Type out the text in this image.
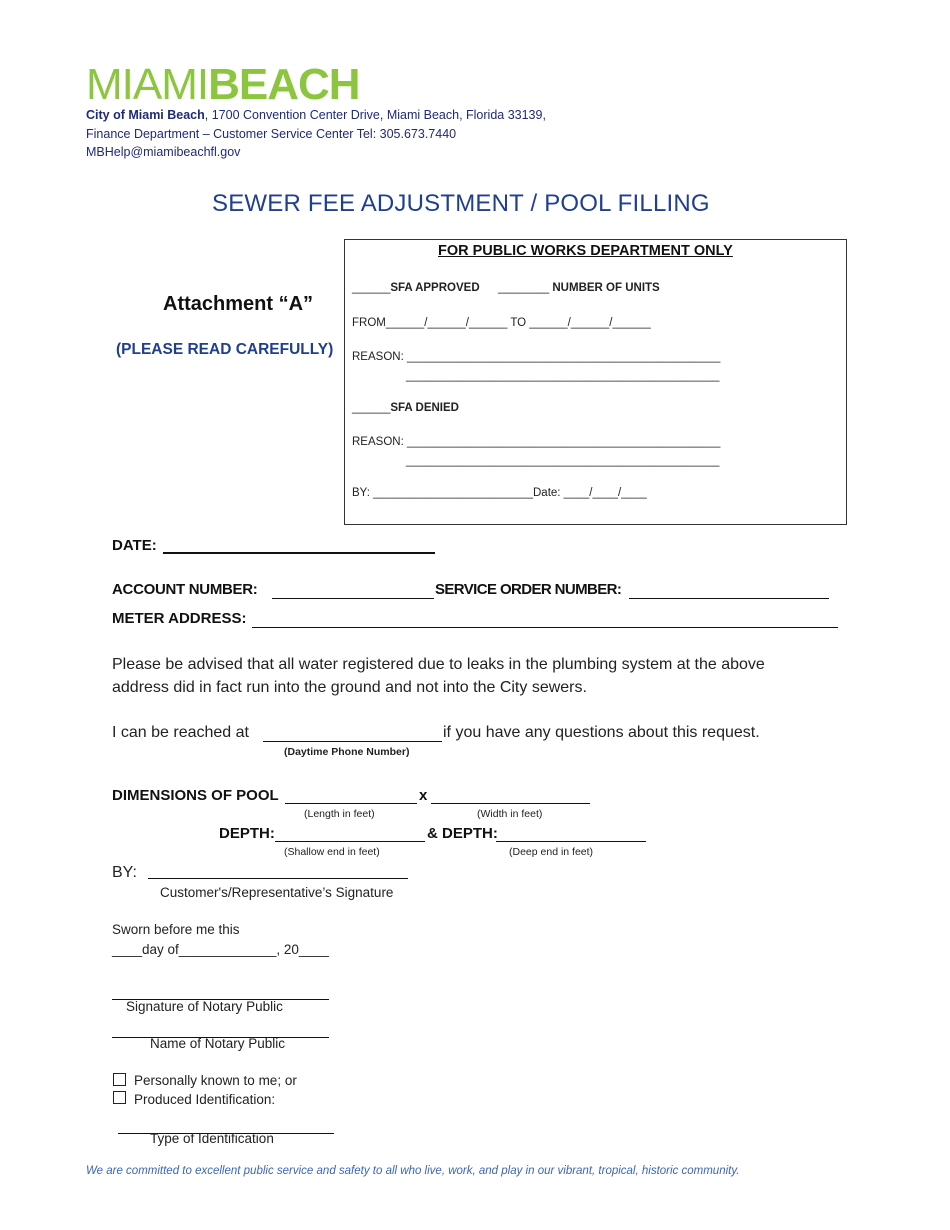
MIAMIBEACH
City of Miami Beach, 1700 Convention Center Drive, Miami Beach, Florida 33139,
Finance Department – Customer Service Center Tel: 305.673.7440
MBHelp@miamibeachfl.gov
SEWER FEE ADJUSTMENT / POOL FILLING
Attachment “A”
(PLEASE READ CAREFULLY)
FOR PUBLIC WORKS DEPARTMENT ONLY
______SFA APPROVED ________ NUMBER OF UNITS
FROM______/______/______ TO ______/______/______
REASON: _________________________________________________
_________________________________________________
______SFA DENIED
REASON: _________________________________________________
_________________________________________________
BY: _________________________Date: ____/____/____
DATE:
ACCOUNT NUMBER:	SERVICE ORDER NUMBER:
METER ADDRESS:
Please be advised that all water registered due to leaks in the plumbing system at the above
address did in fact run into the ground and not into the City sewers.
I can be reached at	if you have any questions about this request.
(Daytime Phone Number)
DIMENSIONS OF POOL	x
(Length in feet)	(Width in feet)
DEPTH:	& DEPTH:
(Shallow end in feet)	(Deep end in feet)
BY:
Customer's/Representative’s Signature
Sworn before me this
____day of_____________, 20____
Signature of Notary Public
Name of Notary Public
Personally known to me; or
Produced Identification:
Type of Identification
We are committed to excellent public service and safety to all who live, work, and play in our vibrant, tropical, historic community.
